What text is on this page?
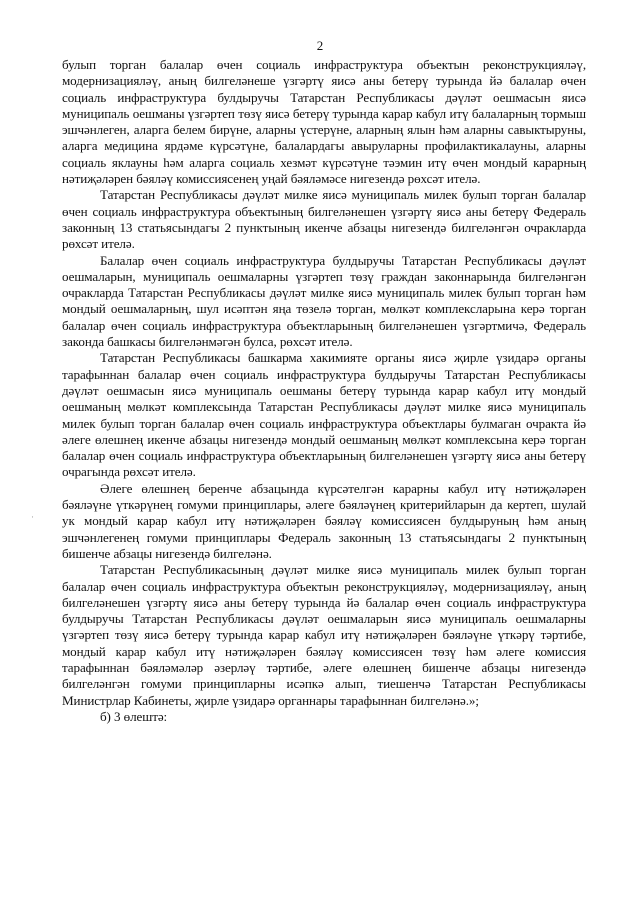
2
·

булып торган балалар өчен социаль инфраструктура объектын реконструкцияләү, модернизацияләү, аның билгеләнеше үзгәртү яисә аны бетерү турында йә балалар өчен социаль инфраструктура булдыручы Татарстан Республикасы дәүләт оешмасын яисә муниципаль оешманы үзгәртеп төзү яисә бетерү турында карар кабул итү балаларның тормыш эшчәнлеген, аларга белем бирүне, аларны үстерүне, аларның ялын һәм аларны савыктыруны, аларга медицина ярдәме күрсәтүне, балалардагы авыруларны профилактикалауны, аларны социаль яклауны һәм аларга социаль хезмәт күрсәтүне тәэмин итү өчен мондый карарның нәтиҗәләрен бәяләү комиссиясенең уңай бәяләмәсе нигезендә рөхсәт ителә.

Татарстан Республикасы дәүләт милке яисә муниципаль милек булып торган балалар өчен социаль инфраструктура объектының билгеләнешен үзгәртү яисә аны бетерү Федераль законның 13 статьясындагы 2 пунктының икенче абзацы нигезендә билгеләнгән очракларда рөхсәт ителә.

Балалар өчен социаль инфраструктура булдыручы Татарстан Республикасы дәүләт оешмаларын, муниципаль оешмаларны үзгәртеп төзү граждан законнарында билгеләнгән очракларда Татарстан Республикасы дәүләт милке яисә муниципаль милек булып торган һәм мондый оешмаларның, шул исәптән яңа төзелә торган, мөлкәт комплексларына керә торган балалар өчен социаль инфраструктура объектларының билгеләнешен үзгәртмичә, Федераль законда башкасы билгеләнмәгән булса, рөхсәт ителә.

Татарстан Республикасы башкарма хакимияте органы яисә җирле үзидарә органы тарафыннан балалар өчен социаль инфраструктура булдыручы Татарстан Республикасы дәүләт оешмасын яисә муниципаль оешманы бетерү турында карар кабул итү мондый оешманың мөлкәт комплексында Татарстан Республикасы дәүләт милке яисә муниципаль милек булып торган балалар өчен социаль инфраструктура объектлары булмаган очракта йә әлеге өлешнең икенче абзацы нигезендә мондый оешманың мөлкәт комплексына керә торган балалар өчен социаль инфраструктура объектларының билгеләнешен үзгәртү яисә аны бетерү очрагында рөхсәт ителә.

Әлеге өлешнең беренче абзацында күрсәтелгән карарны кабул итү нәтиҗәләрен бәяләүне үткәрүнең гомуми принциплары, әлеге бәяләүнең критерийларын да кертеп, шулай ук мондый карар кабул итү нәтиҗәләрен бәяләү комиссиясен булдыруның һәм аның эшчәнлегенең гомуми принциплары Федераль законның 13 статьясындагы 2 пунктының бишенче абзацы нигезендә билгеләнә.

Татарстан Республикасының дәүләт милке яисә муниципаль милек булып торган балалар өчен социаль инфраструктура объектын реконструкцияләү, модернизацияләү, аның билгеләнешен үзгәртү яисә аны бетерү турында йә балалар өчен социаль инфраструктура булдыручы Татарстан Республикасы дәүләт оешмаларын яисә муниципаль оешмаларны үзгәртеп төзү яисә бетерү турында карар кабул итү нәтиҗәләрен бәяләүне үткәрү тәртибе, мондый карар кабул итү нәтиҗәләрен бәяләү комиссиясен төзү һәм әлеге комиссия тарафыннан бәяләмәләр әзерләү тәртибе, әлеге өлешнең бишенче абзацы нигезендә билгеләнгән гомуми принципларны исәпкә алып, тиешенчә Татарстан Республикасы Министрлар Кабинеты, җирле үзидарә органнары тарафыннан билгеләнә.»;

б) 3 өлештә:
